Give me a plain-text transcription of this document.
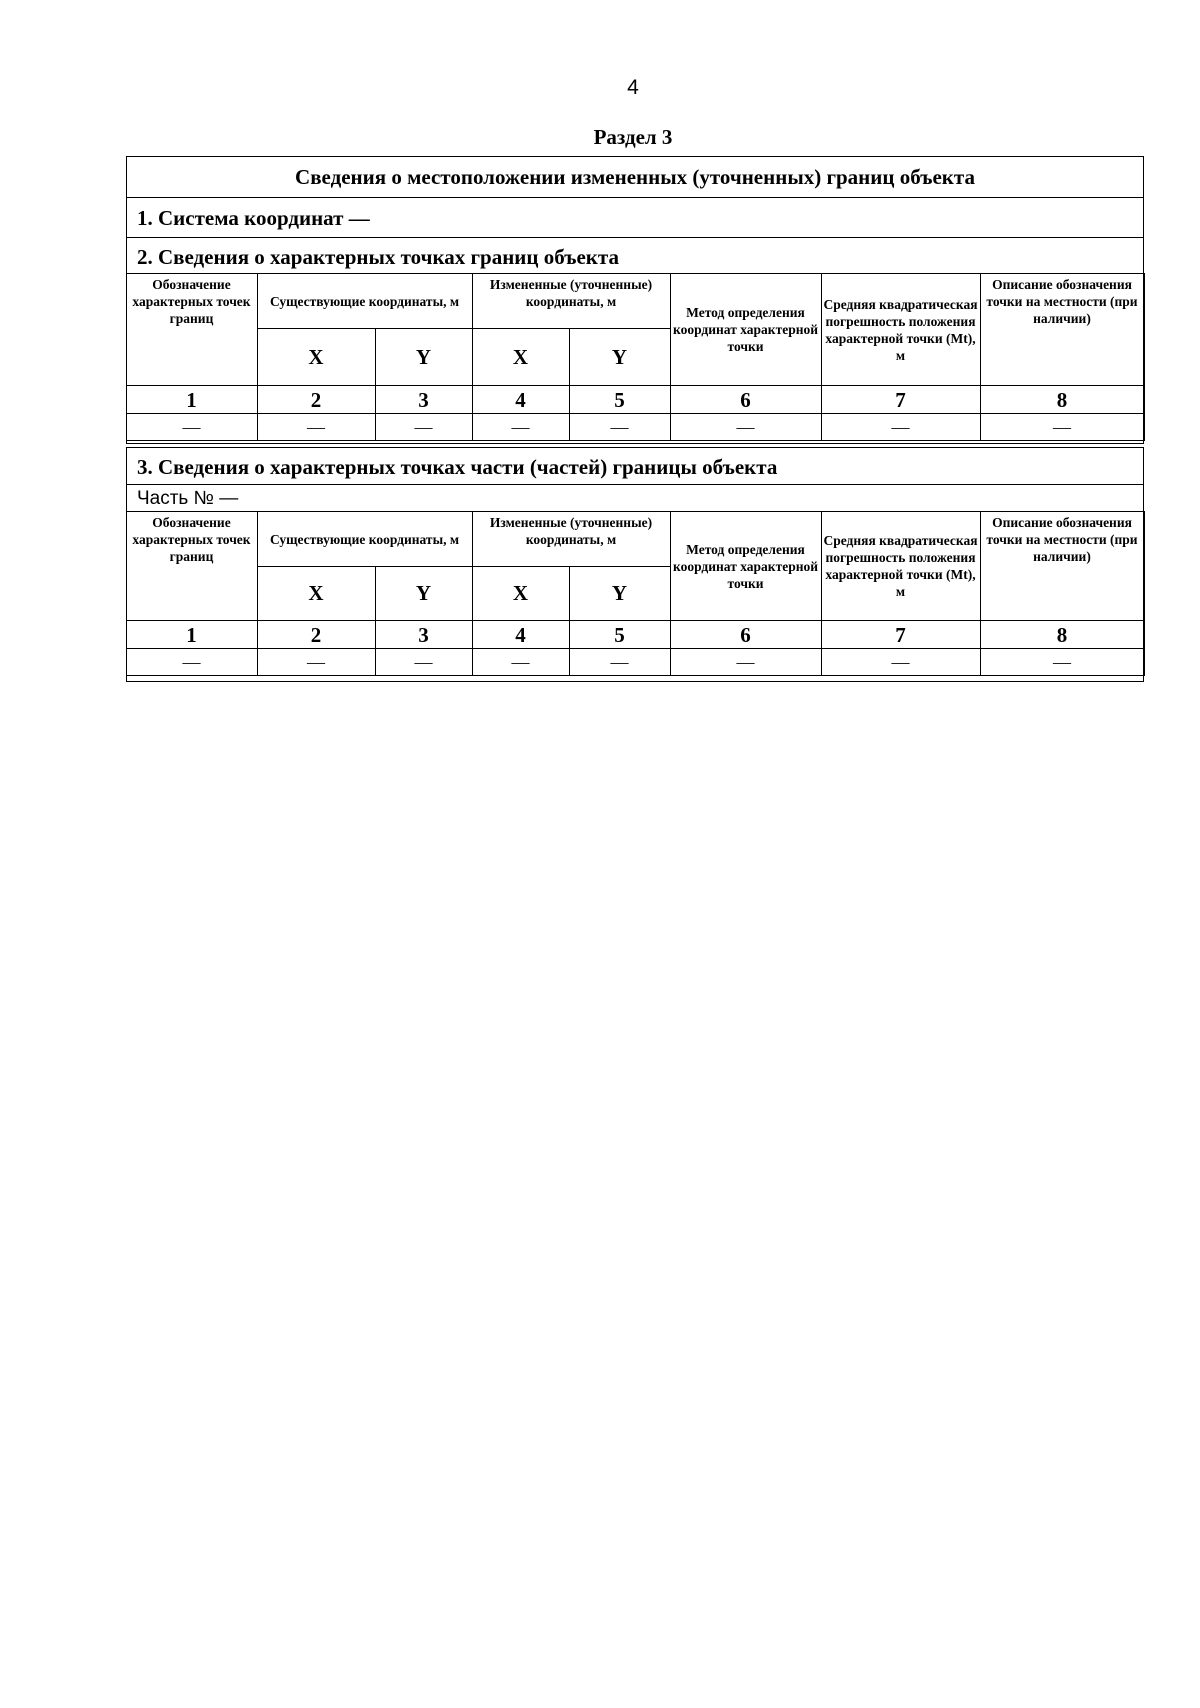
4
Раздел 3
Сведения о местоположении измененных (уточненных) границ объекта
1. Система координат —
2. Сведения о характерных точках границ объекта
Обозначение характерных точек границ	Существующие координаты, м		Измененные (уточненные) координаты, м		Метод определения координат характерной точки	Средняя квадратическая погрешность положения характерной точки (Mt), м	Описание обозначения точки на местности (при наличии)
	X	Y	X	Y			
1	2	3	4	5	6	7	8
—	—	—	—	—	—	—	—
3. Сведения о характерных точках части (частей) границы объекта
Часть № —
Обозначение характерных точек границ	Существующие координаты, м		Измененные (уточненные) координаты, м		Метод определения координат характерной точки	Средняя квадратическая погрешность положения характерной точки (Mt), м	Описание обозначения точки на местности (при наличии)
	X	Y	X	Y			
1	2	3	4	5	6	7	8
—	—	—	—	—	—	—	—
